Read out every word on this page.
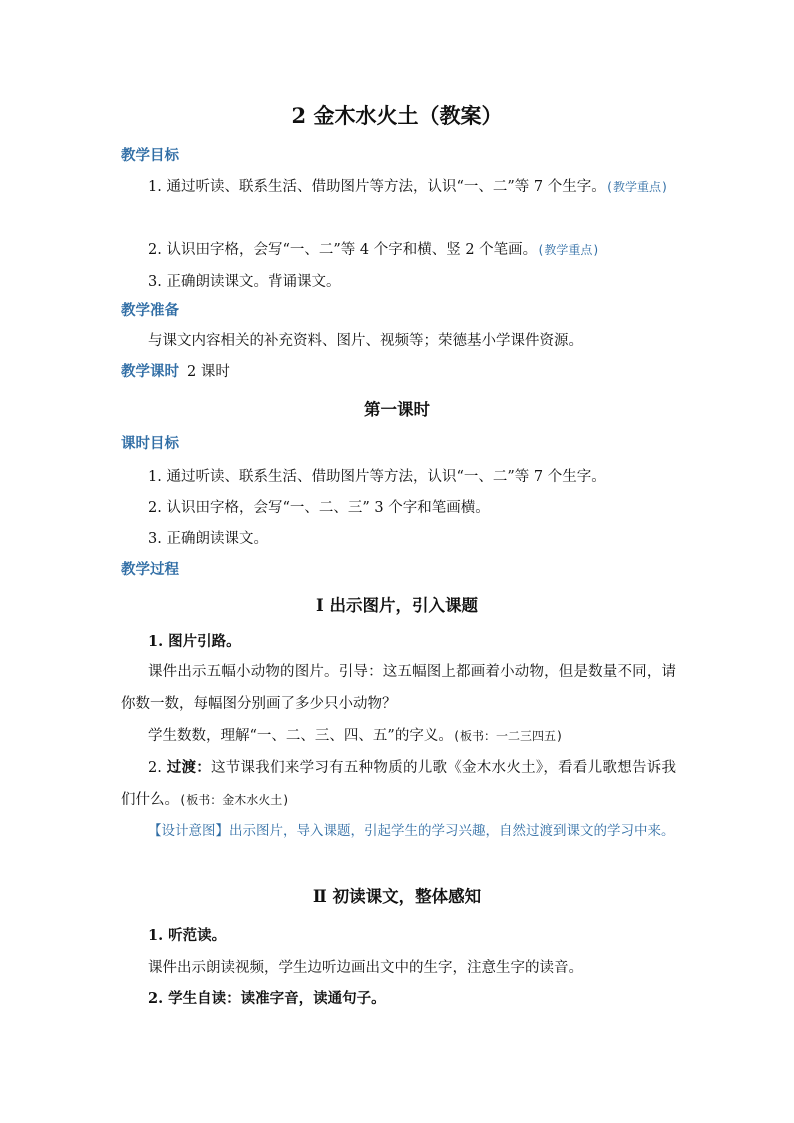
2 金木水火土（教案）
教学目标
1. 通过听读、联系生活、借助图片等方法，认识“一、二”等 7 个生字。(教学重点)
2. 认识田字格，会写“一、二”等 4 个字和横、竖 2 个笔画。(教学重点)
3. 正确朗读课文。背诵课文。
教学准备
与课文内容相关的补充资料、图片、视频等；荣德基小学课件资源。
教学课时 2 课时
第一课时
课时目标
1. 通过听读、联系生活、借助图片等方法，认识“一、二”等 7 个生字。
2. 认识田字格，会写“一、二、三” 3 个字和笔画横。
3. 正确朗读课文。
教学过程
Ⅰ 出示图片，引入课题
1. 图片引路。
课件出示五幅小动物的图片。引导：这五幅图上都画着小动物，但是数量不同，请你数一数，每幅图分别画了多少只小动物？
学生数数，理解“一、二、三、四、五”的字义。(板书：一二三四五)
2. 过渡：这节课我们来学习有五种物质的儿歌《金木水火土》，看看儿歌想告诉我们什么。(板书：金木水火土)
【设计意图】出示图片，导入课题，引起学生的学习兴趣，自然过渡到课文的学习中来。
Ⅱ 初读课文，整体感知
1. 听范读。
课件出示朗读视频，学生边听边画出文中的生字，注意生字的读音。
2. 学生自读：读准字音，读通句子。
